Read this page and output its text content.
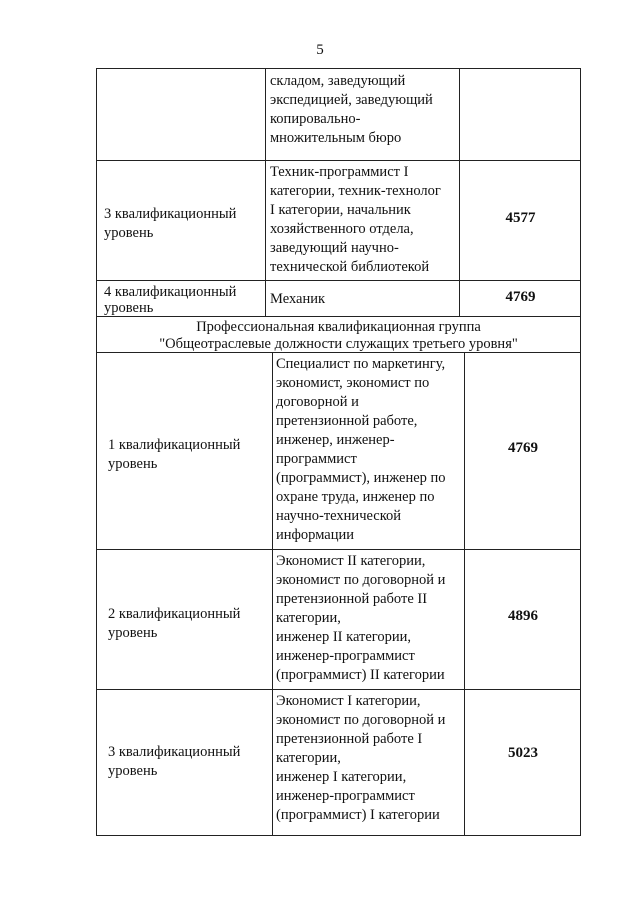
5
складом, заведующий
экспедицией, заведующий
копировально-
множительным бюро
3 квалификационный
уровень
Техник-программист I
категории, техник-технолог
I категории, начальник
хозяйственного отдела,
заведующий научно-
технической библиотекой
4577
4 квалификационный
уровень
Механик	4769
Профессиональная квалификационная группа
"Общеотраслевые должности служащих третьего уровня"
1 квалификационный
уровень
Специалист по маркетингу,
экономист, экономист по
договорной и
претензионной работе,
инженер, инженер-
программист
(программист), инженер по
охране труда, инженер по
научно-технической
информации
4769
2 квалификационный
уровень
Экономист II категории,
экономист по договорной и
претензионной работе II
категории,
инженер II категории,
инженер-программист
(программист) II категории
4896
3 квалификационный
уровень
Экономист I категории,
экономист по договорной и
претензионной работе I
категории,
инженер I категории,
инженер-программист
(программист) I категории
5023
